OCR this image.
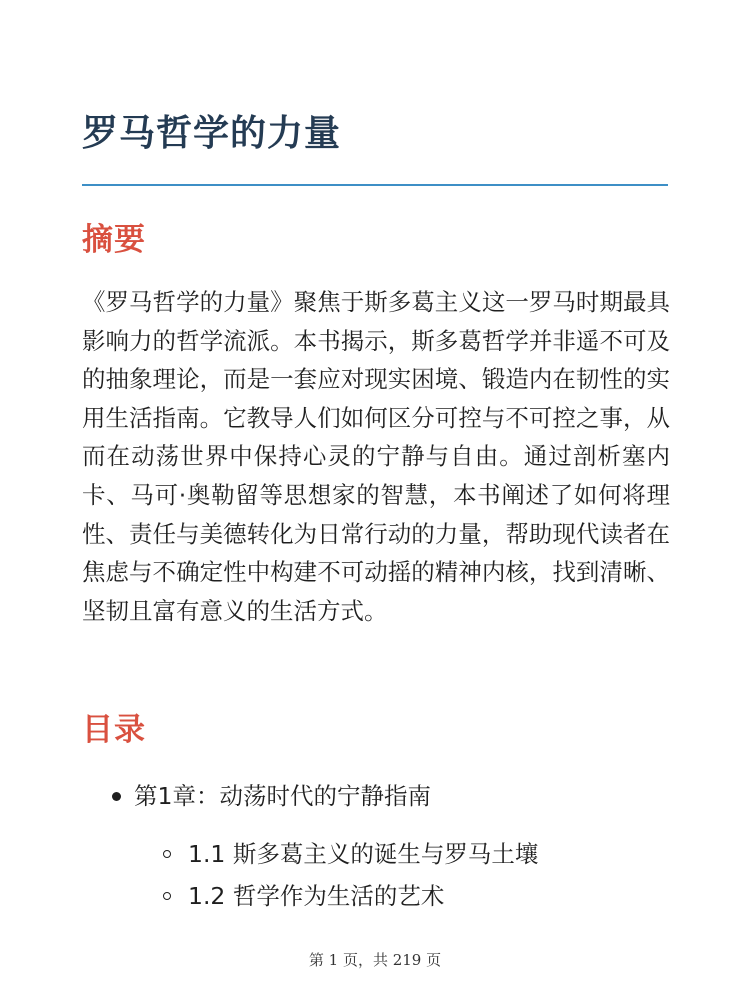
罗马哲学的力量
摘要

《罗马哲学的力量》聚焦于斯多葛主义这一罗马时期最具影响力的哲学流派。本书揭示，斯多葛哲学并非遥不可及的抽象理论，而是一套应对现实困境、锻造内在韧性的实用生活指南。它教导人们如何区分可控与不可控之事，从而在动荡世界中保持心灵的宁静与自由。通过剖析塞内卡、马可·奥勒留等思想家的智慧，本书阐述了如何将理性、责任与美德转化为日常行动的力量，帮助现代读者在焦虑与不确定性中构建不可动摇的精神内核，找到清晰、坚韧且富有意义的生活方式。

目录
第1章：动荡时代的宁静指南
1.1 斯多葛主义的诞生与罗马土壤
1.2 哲学作为生活的艺术
第 1 页，共 219 页
